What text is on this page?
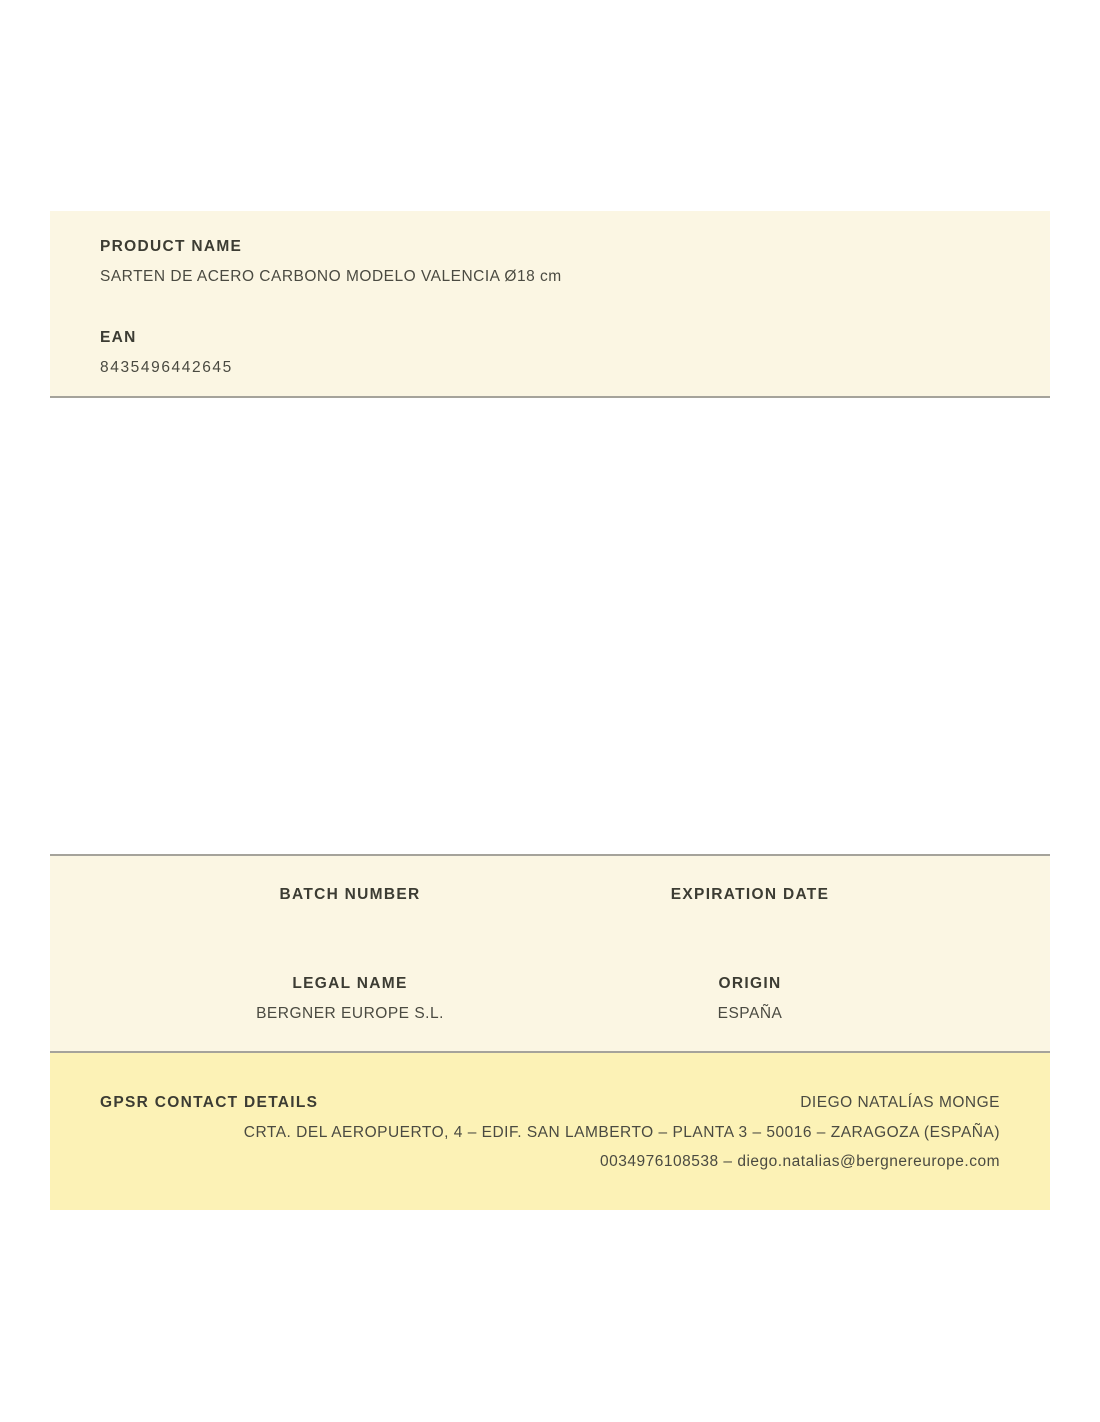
PRODUCT NAME
SARTEN DE ACERO CARBONO MODELO VALENCIA Ø18 cm
EAN
8435496442645
BATCH NUMBER	EXPIRATION DATE
LEGAL NAME
BERGNER EUROPE S.L.
ORIGIN
ESPAÑA
GPSR CONTACT DETAILS	DIEGO NATALÍAS MONGE
CRTA. DEL AEROPUERTO, 4 – EDIF. SAN LAMBERTO – PLANTA 3 – 50016 – ZARAGOZA (ESPAÑA)
0034976108538 – diego.natalias@bergnereurope.com
